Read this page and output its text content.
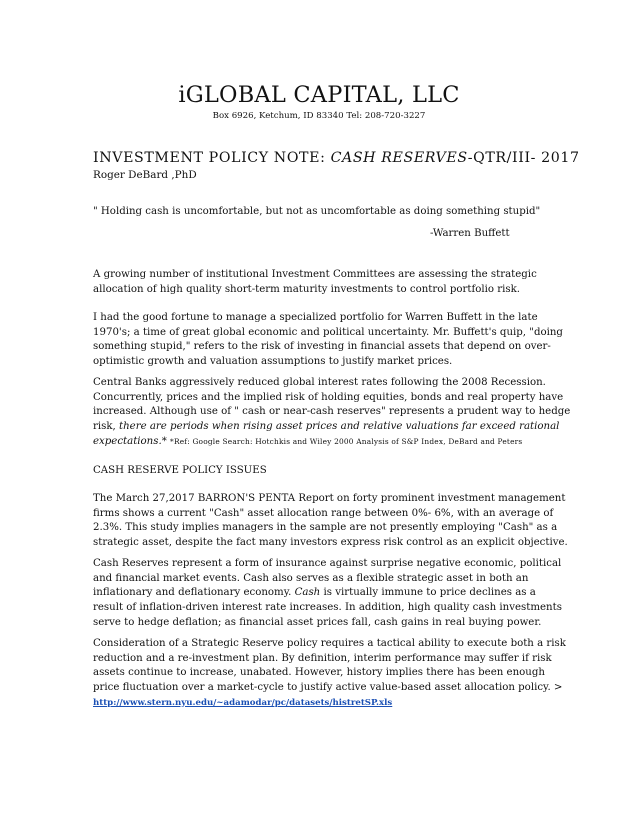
iGLOBAL CAPITAL, LLC
Box 6926, Ketchum, ID 83340 Tel: 208-720-3227
INVESTMENT POLICY NOTE: CASH RESERVES-QTR/III- 2017
Roger DeBard ,PhD
" Holding cash is uncomfortable, but not as uncomfortable as doing something stupid"
-Warren Buffett
A growing number of institutional Investment Committees are assessing the strategic
allocation of high quality short-term maturity investments to control portfolio risk.
I had the good fortune to manage a specialized portfolio for Warren Buffett in the late
1970's; a time of great global economic and political uncertainty. Mr. Buffett's quip, "doing
something stupid," refers to the risk of investing in financial assets that depend on over-
optimistic growth and valuation assumptions to justify market prices.
Central Banks aggressively reduced global interest rates following the 2008 Recession.
Concurrently, prices and the implied risk of holding equities, bonds and real property have
increased. Although use of " cash or near-cash reserves" represents a prudent way to hedge
risk, there are periods when rising asset prices and relative valuations far exceed rational
expectations.* *Ref: Google Search: Hotchkis and Wiley 2000 Analysis of S&P Index, DeBard and Peters
CASH RESERVE POLICY ISSUES
The March 27,2017 BARRON'S PENTA Report on forty prominent investment management
firms shows a current "Cash" asset allocation range between 0%- 6%, with an average of
2.3%. This study implies managers in the sample are not presently employing "Cash" as a
strategic asset, despite the fact many investors express risk control as an explicit objective.
Cash Reserves represent a form of insurance against surprise negative economic, political
and financial market events. Cash also serves as a flexible strategic asset in both an
inflationary and deflationary economy. Cash is virtually immune to price declines as a
result of inflation-driven interest rate increases. In addition, high quality cash investments
serve to hedge deflation; as financial asset prices fall, cash gains in real buying power.
Consideration of a Strategic Reserve policy requires a tactical ability to execute both a risk
reduction and a re-investment plan. By definition, interim performance may suffer if risk
assets continue to increase, unabated. However, history implies there has been enough
price fluctuation over a market-cycle to justify active value-based asset allocation policy. >
http://www.stern.nyu.edu/~adamodar/pc/datasets/histretSP.xls
